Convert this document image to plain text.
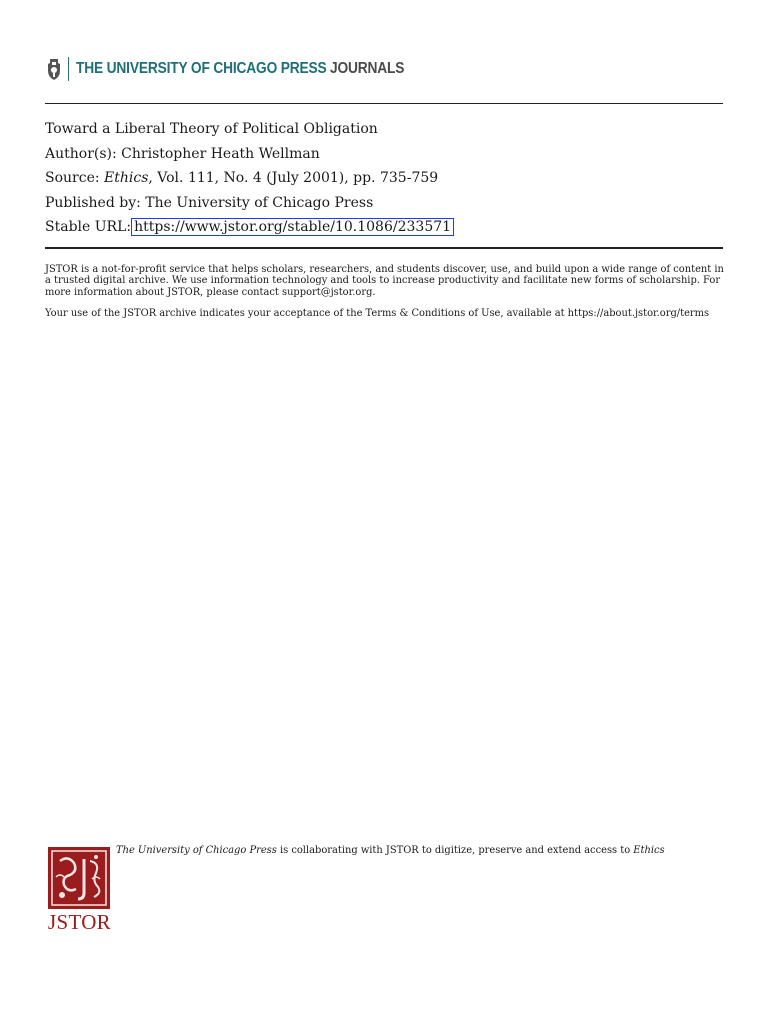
THE UNIVERSITY OF CHICAGO PRESS JOURNALS
Toward a Liberal Theory of Political Obligation
Author(s): Christopher Heath Wellman
Source: Ethics, Vol. 111, No. 4 (July 2001), pp. 735-759
Published by: The University of Chicago Press
Stable URL: https://www.jstor.org/stable/10.1086/233571

JSTOR is a not-for-profit service that helps scholars, researchers, and students discover, use, and build upon a wide range of content in a trusted digital archive. We use information technology and tools to increase productivity and facilitate new forms of scholarship. For more information about JSTOR, please contact support@jstor.org.

Your use of the JSTOR archive indicates your acceptance of the Terms & Conditions of Use, available at https://about.jstor.org/terms

JSTOR
The University of Chicago Press is collaborating with JSTOR to digitize, preserve and extend access to Ethics
